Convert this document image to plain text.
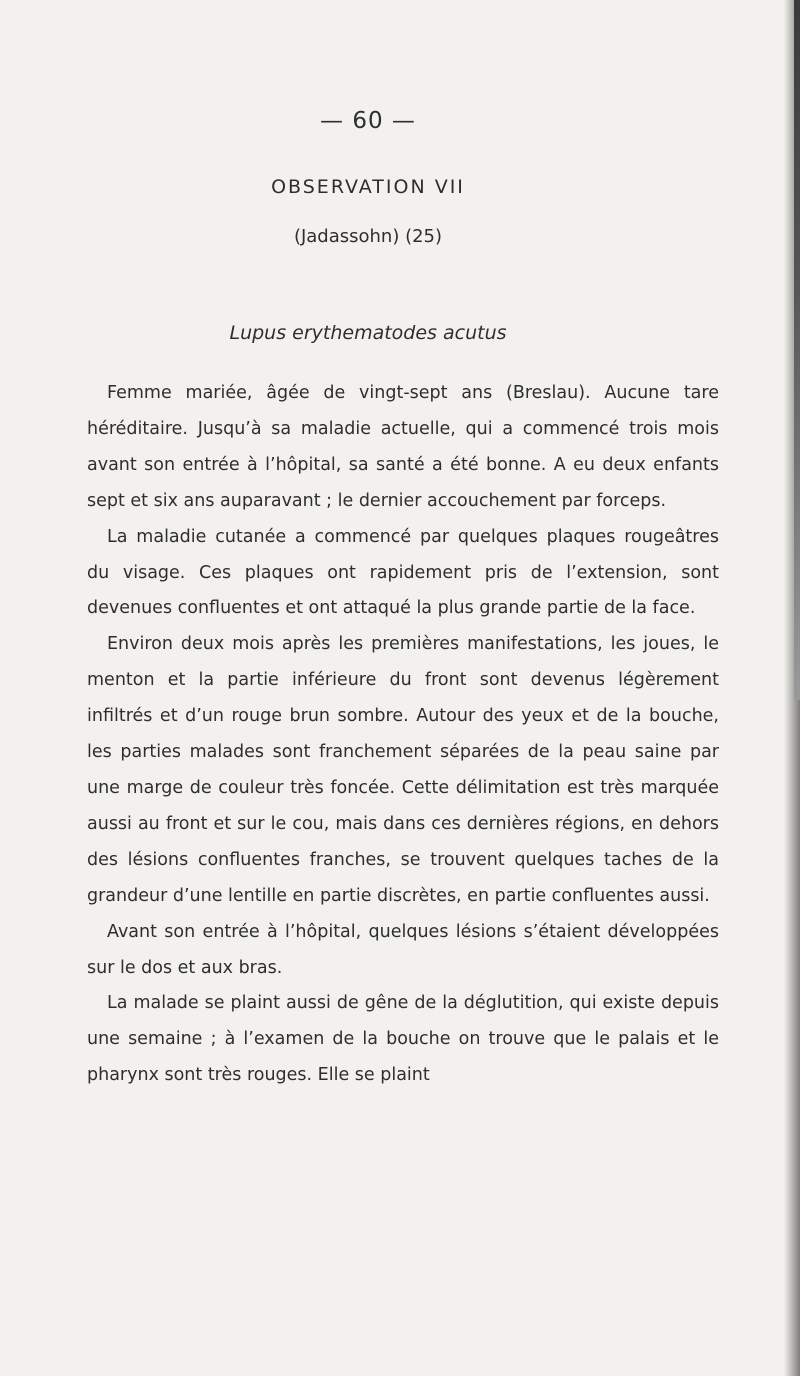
— 60 —
OBSERVATION VII
(Jadassohn) (25)
Lupus erythematodes acutus

Femme mariée, âgée de vingt-sept ans (Breslau). Aucune tare héréditaire. Jusqu’à sa maladie actuelle, qui a commencé trois mois avant son entrée à l’hôpital, sa santé a été bonne. A eu deux enfants sept et six ans auparavant ; le dernier accouchement par forceps.

La maladie cutanée a commencé par quelques plaques rougeâtres du visage. Ces plaques ont rapidement pris de l’extension, sont devenues confluentes et ont attaqué la plus grande partie de la face.

Environ deux mois après les premières manifestations, les joues, le menton et la partie inférieure du front sont devenus légèrement infiltrés et d’un rouge brun sombre. Autour des yeux et de la bouche, les parties malades sont franchement séparées de la peau saine par une marge de couleur très foncée. Cette délimitation est très marquée aussi au front et sur le cou, mais dans ces dernières régions, en dehors des lésions confluentes franches, se trouvent quelques taches de la grandeur d’une lentille en partie discrètes, en partie confluentes aussi.

Avant son entrée à l’hôpital, quelques lésions s’étaient développées sur le dos et aux bras.

La malade se plaint aussi de gêne de la déglutition, qui existe depuis une semaine ; à l’examen de la bouche on trouve que le palais et le pharynx sont très rouges. Elle se plaint
